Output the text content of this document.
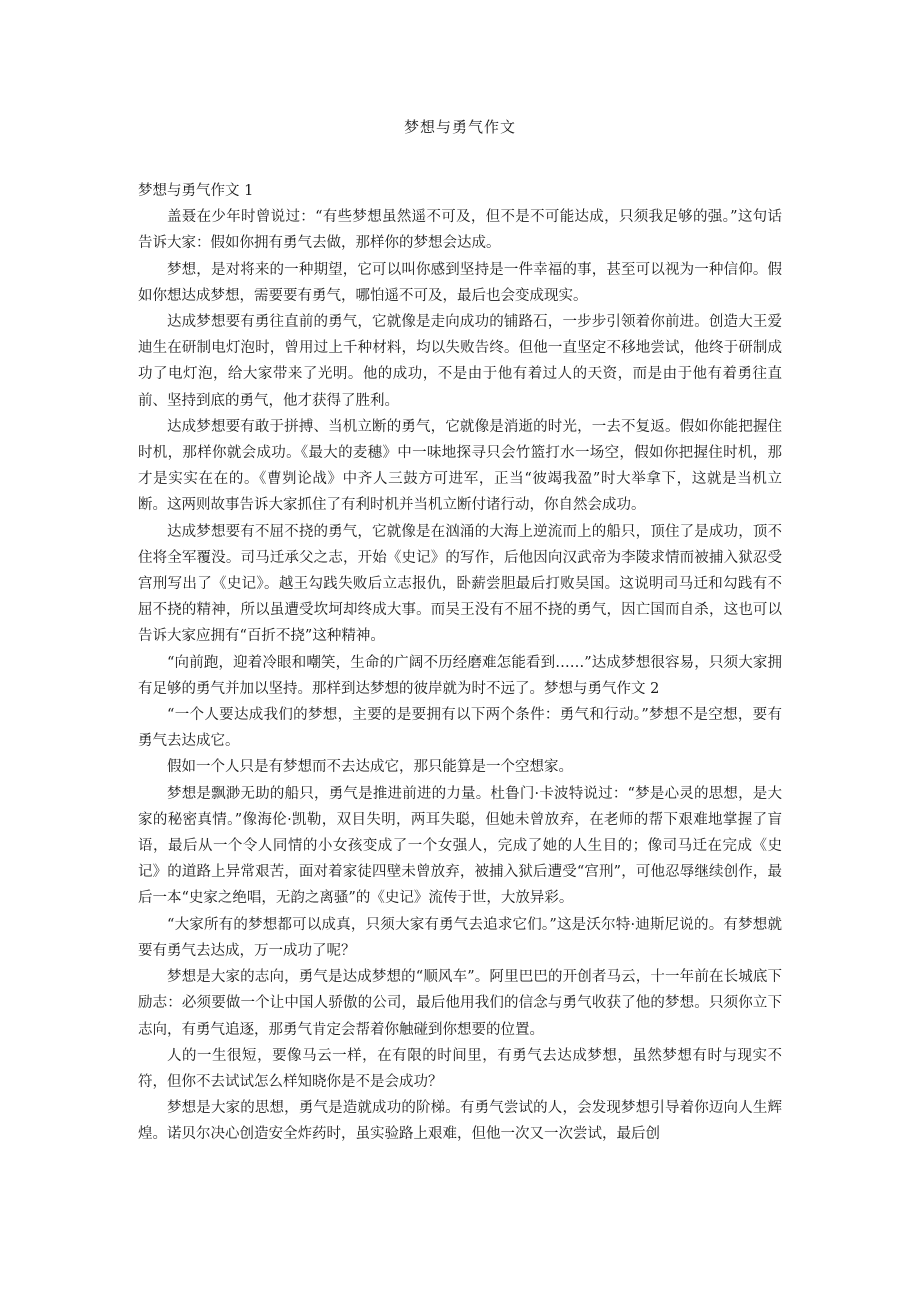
梦想与勇气作文

梦想与勇气作文 1

盖聂在少年时曾说过：“有些梦想虽然遥不可及，但不是不可能达成，只须我足够的强。”这句话告诉大家：假如你拥有勇气去做，那样你的梦想会达成。

梦想，是对将来的一种期望，它可以叫你感到坚持是一件幸福的事，甚至可以视为一种信仰。假如你想达成梦想，需要要有勇气，哪怕遥不可及，最后也会变成现实。

达成梦想要有勇往直前的勇气，它就像是走向成功的铺路石，一步步引领着你前进。创造大王爱迪生在研制电灯泡时，曾用过上千种材料，均以失败告终。但他一直坚定不移地尝试，他终于研制成功了电灯泡，给大家带来了光明。他的成功，不是由于他有着过人的天资，而是由于他有着勇往直前、坚持到底的勇气，他才获得了胜利。

达成梦想要有敢于拼搏、当机立断的勇气，它就像是消逝的时光，一去不复返。假如你能把握住时机，那样你就会成功。《最大的麦穗》中一味地探寻只会竹篮打水一场空，假如你把握住时机，那才是实实在在的。《曹刿论战》中齐人三鼓方可进军，正当“彼竭我盈”时大举拿下，这就是当机立断。这两则故事告诉大家抓住了有利时机并当机立断付诸行动，你自然会成功。

达成梦想要有不屈不挠的勇气，它就像是在汹涌的大海上逆流而上的船只，顶住了是成功，顶不住将全军覆没。司马迁承父之志，开始《史记》的写作，后他因向汉武帝为李陵求情而被捕入狱忍受宫刑写出了《史记》。越王勾践失败后立志报仇，卧薪尝胆最后打败吴国。这说明司马迁和勾践有不屈不挠的精神，所以虽遭受坎坷却终成大事。而吴王没有不屈不挠的勇气，因亡国而自杀，这也可以告诉大家应拥有“百折不挠”这种精神。

“向前跑，迎着冷眼和嘲笑，生命的广阔不历经磨难怎能看到……”达成梦想很容易，只须大家拥有足够的勇气并加以坚持。那样到达梦想的彼岸就为时不远了。梦想与勇气作文 2

“一个人要达成我们的梦想，主要的是要拥有以下两个条件：勇气和行动。”梦想不是空想，要有勇气去达成它。

假如一个人只是有梦想而不去达成它，那只能算是一个空想家。

梦想是飘渺无助的船只，勇气是推进前进的力量。杜鲁门·卡波特说过：“梦是心灵的思想，是大家的秘密真情。”像海伦·凯勒，双目失明，两耳失聪，但她未曾放弃，在老师的帮下艰难地掌握了盲语，最后从一个令人同情的小女孩变成了一个女强人，完成了她的人生目的；像司马迁在完成《史记》的道路上异常艰苦，面对着家徒四壁未曾放弃，被捕入狱后遭受“宫刑”，可他忍辱继续创作，最后一本“史家之绝唱，无韵之离骚”的《史记》流传于世，大放异彩。

“大家所有的梦想都可以成真，只须大家有勇气去追求它们。”这是沃尔特·迪斯尼说的。有梦想就要有勇气去达成，万一成功了呢？

梦想是大家的志向，勇气是达成梦想的“顺风车”。阿里巴巴的开创者马云，十一年前在长城底下励志：必须要做一个让中国人骄傲的公司，最后他用我们的信念与勇气收获了他的梦想。只须你立下志向，有勇气追逐，那勇气肯定会帮着你触碰到你想要的位置。

人的一生很短，要像马云一样，在有限的时间里，有勇气去达成梦想，虽然梦想有时与现实不符，但你不去试试怎么样知晓你是不是会成功？

梦想是大家的思想，勇气是造就成功的阶梯。有勇气尝试的人，会发现梦想引导着你迈向人生辉煌。诺贝尔决心创造安全炸药时，虽实验路上艰难，但他一次又一次尝试，最后创
